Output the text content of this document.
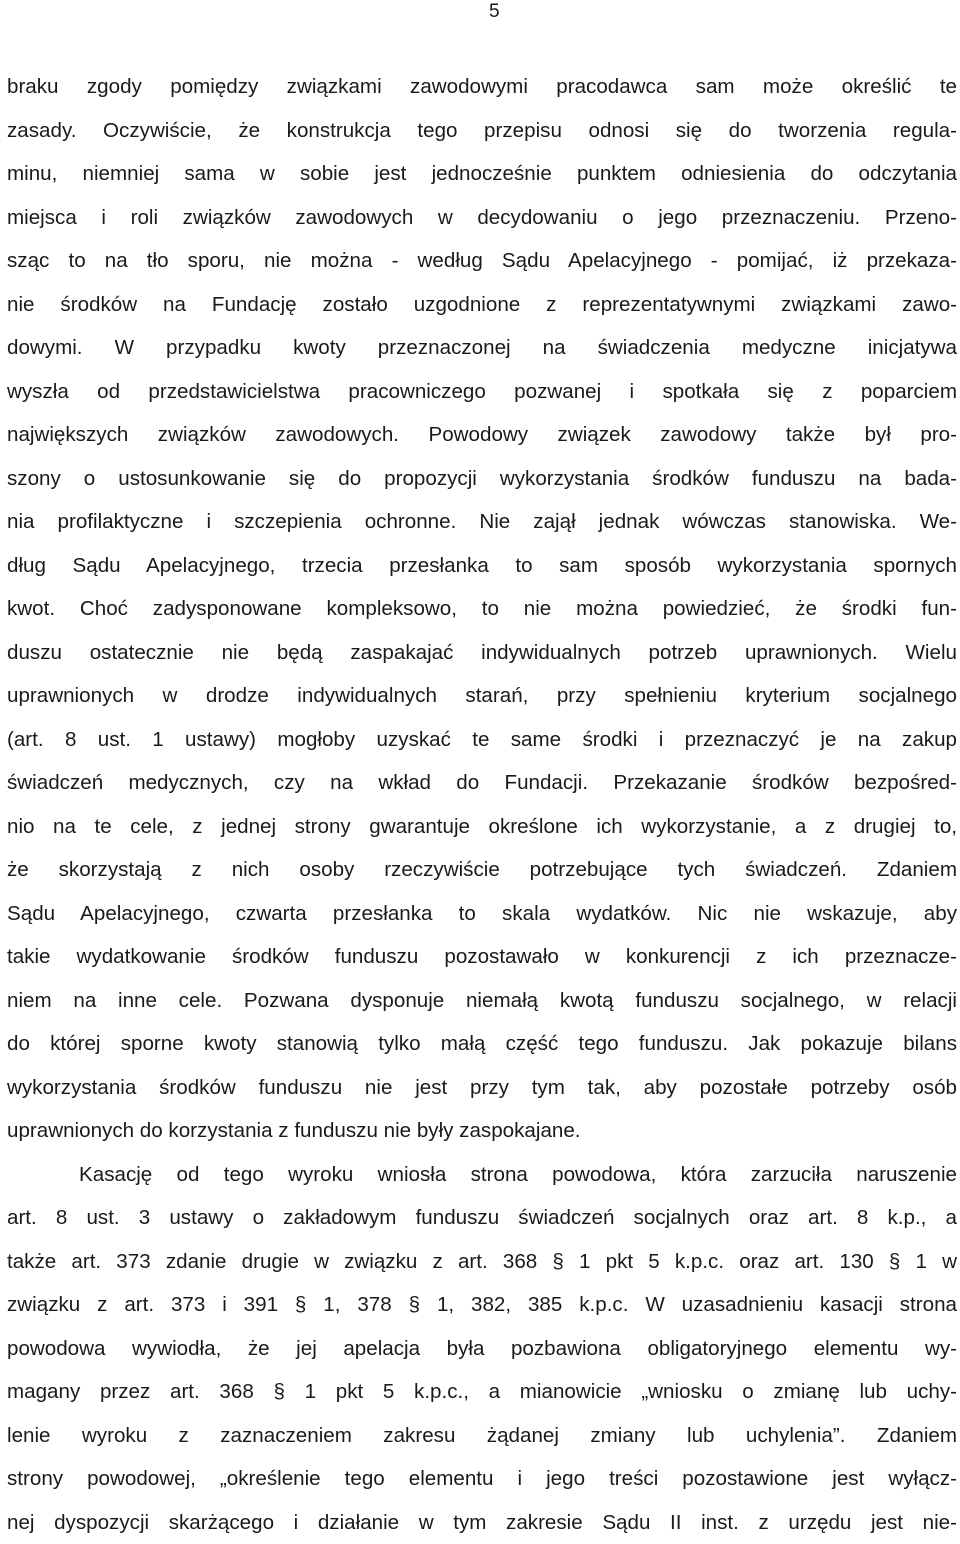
5
braku zgody pomiędzy związkami zawodowymi pracodawca sam może określić te
zasady. Oczywiście, że konstrukcja tego przepisu odnosi się do tworzenia regula-
minu, niemniej sama w sobie jest jednocześnie punktem odniesienia do odczytania
miejsca i roli związków zawodowych w decydowaniu o jego przeznaczeniu. Przeno-
sząc to na tło sporu, nie można - według Sądu Apelacyjnego - pomijać, iż przekaza-
nie środków na Fundację zostało uzgodnione z reprezentatywnymi związkami zawo-
dowymi. W przypadku kwoty przeznaczonej na świadczenia medyczne inicjatywa
wyszła od przedstawicielstwa pracowniczego pozwanej i spotkała się z poparciem
największych związków zawodowych. Powodowy związek zawodowy także był pro-
szony o ustosunkowanie się do propozycji wykorzystania środków funduszu na bada-
nia profilaktyczne i szczepienia ochronne. Nie zajął jednak wówczas stanowiska. We-
dług Sądu Apelacyjnego, trzecia przesłanka to sam sposób wykorzystania spornych
kwot. Choć zadysponowane kompleksowo, to nie można powiedzieć, że środki fun-
duszu ostatecznie nie będą zaspakajać indywidualnych potrzeb uprawnionych. Wielu
uprawnionych w drodze indywidualnych starań, przy spełnieniu kryterium socjalnego
(art. 8 ust. 1 ustawy) mogłoby uzyskać te same środki i przeznaczyć je na zakup
świadczeń medycznych, czy na wkład do Fundacji. Przekazanie środków bezpośred-
nio na te cele, z jednej strony gwarantuje określone ich wykorzystanie, a z drugiej to,
że skorzystają z nich osoby rzeczywiście potrzebujące tych świadczeń. Zdaniem
Sądu Apelacyjnego, czwarta przesłanka to skala wydatków. Nic nie wskazuje, aby
takie wydatkowanie środków funduszu pozostawało w konkurencji z ich przeznacze-
niem na inne cele. Pozwana dysponuje niemałą kwotą funduszu socjalnego, w relacji
do której sporne kwoty stanowią tylko małą część tego funduszu. Jak pokazuje bilans
wykorzystania środków funduszu nie jest przy tym tak, aby pozostałe potrzeby osób
uprawnionych do korzystania z funduszu nie były zaspokajane.
Kasację od tego wyroku wniosła strona powodowa, która zarzuciła naruszenie
art. 8 ust. 3 ustawy o zakładowym funduszu świadczeń socjalnych oraz art. 8 k.p., a
także art. 373 zdanie drugie w związku z art. 368 § 1 pkt 5 k.p.c. oraz art. 130 § 1 w
związku z art. 373 i 391 § 1, 378 § 1, 382, 385 k.p.c. W uzasadnieniu kasacji strona
powodowa wywiodła, że jej apelacja była pozbawiona obligatoryjnego elementu wy-
magany przez art. 368 § 1 pkt 5 k.p.c., a mianowicie „wniosku o zmianę lub uchy-
lenie wyroku z zaznaczeniem zakresu żądanej zmiany lub uchylenia”. Zdaniem
strony powodowej, „określenie tego elementu i jego treści pozostawione jest wyłącz-
nej dyspozycji skarżącego i działanie w tym zakresie Sądu II inst. z urzędu jest nie-
